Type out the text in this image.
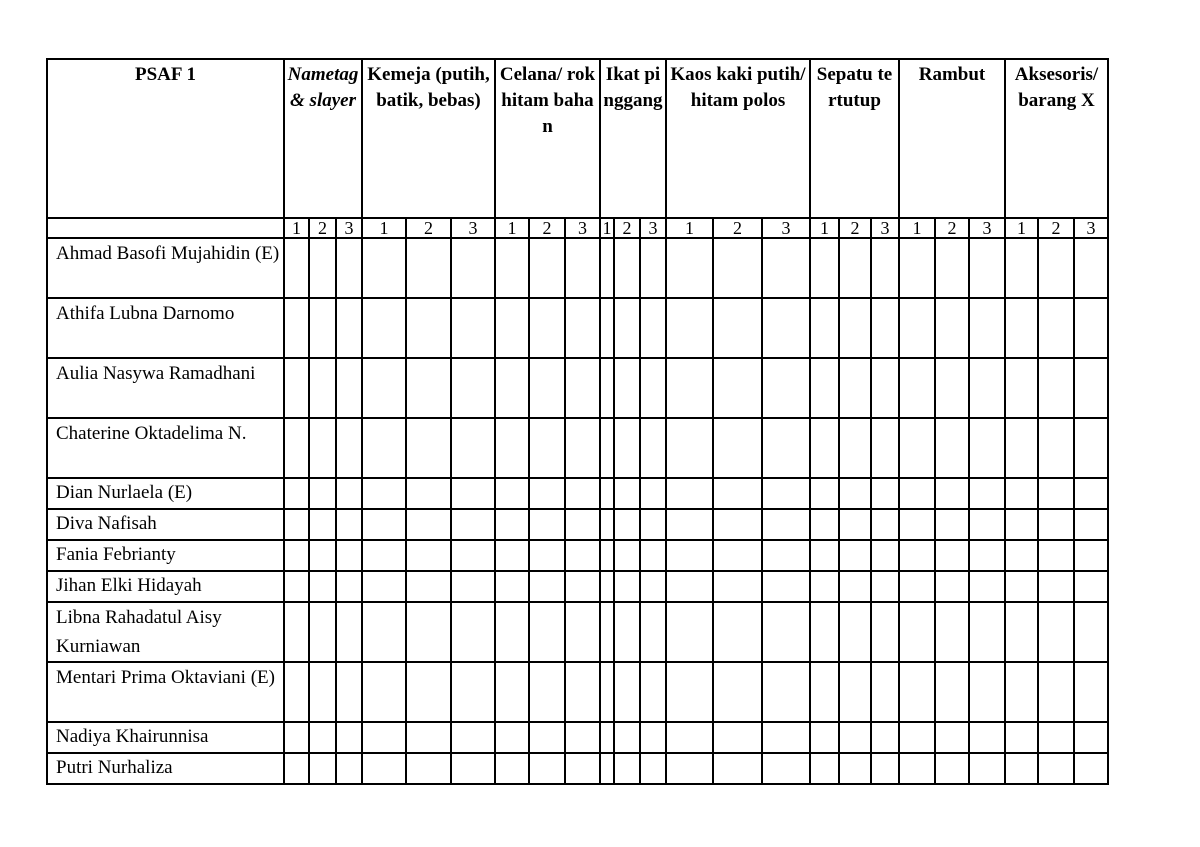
PSAF 1	Nametag & slayer			Kemeja (putih, batik, bebas)			Celana/ rok hitam bahan			Ikat pinggang			Kaos kaki putih/hitam polos			Sepatu tertutup			Rambut			Aksesoris/ barang X		
	1	2	3	1	2	3	1	2	3	1	2	3	1	2	3	1	2	3	1	2	3	1	2	3
Ahmad Basofi Mujahidin (E)																								
Athifa Lubna Darnomo																								
Aulia Nasywa Ramadhani																								
Chaterine Oktadelima N.																								
Dian Nurlaela (E)																								
Diva Nafisah																								
Fania Febrianty																								
Jihan Elki Hidayah																								
Libna Rahadatul Aisy Kurniawan																								
Mentari Prima Oktaviani (E)																								
Nadiya Khairunnisa																								
Putri Nurhaliza																								
